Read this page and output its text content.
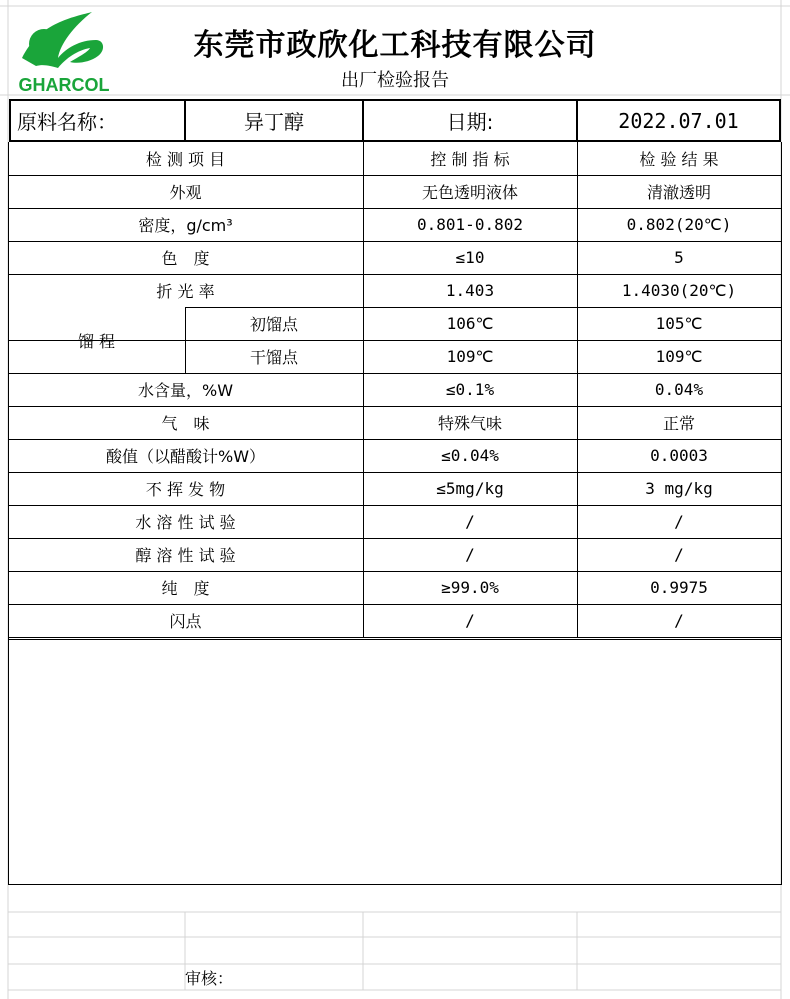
GHARCOL
东莞市政欣化工科技有限公司
出厂检验报告
原料名称：	异丁醇	日期:	2022.07.01
检 测 项 目	控 制 指 标	检 验 结 果
外观	无色透明液体	清澈透明
密度，g/cm³	0.801-0.802	0.802(20℃)
色　度	≤10	5
折 光 率	1.403	1.4030(20℃)
馏 程
初馏点	106℃	105℃
干馏点	109℃	109℃
水含量，%W	≤0.1%	0.04%
气　味	特殊气味	正常
酸值（以醋酸计%W）	≤0.04%	0.0003
不 挥 发 物	≤5mg/kg	3 mg/kg
水 溶 性 试 验	/	/
醇 溶 性 试 验	/	/
纯　度	≥99.0%	0.9975
闪点	/	/
审核：
